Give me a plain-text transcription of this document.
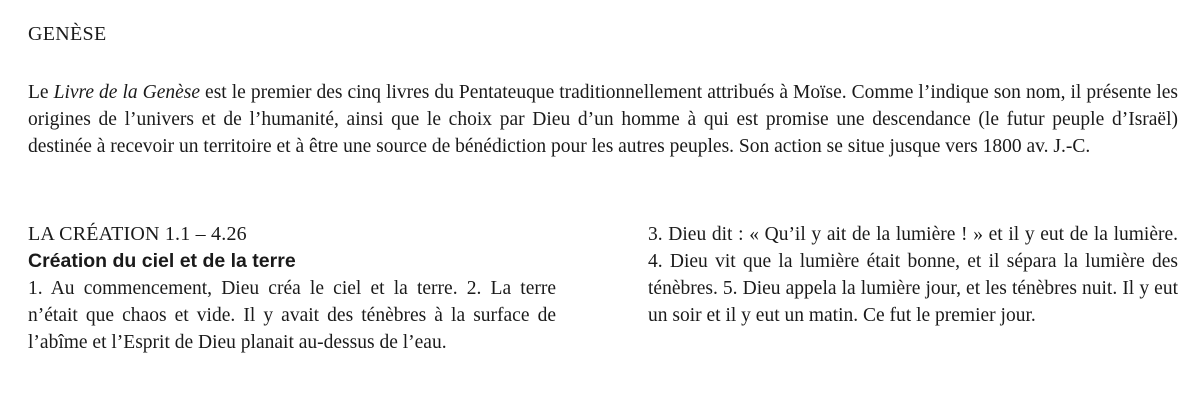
GENÈSE

Le Livre de la Genèse est le premier des cinq livres du Pentateuque traditionnellement attribués à Moïse. Comme l’indique son nom, il présente les origines de l’univers et de l’humanité, ainsi que le choix par Dieu d’un homme à qui est promise une descendance (le futur peuple d’Israël) destinée à recevoir un territoire et à être une source de bénédiction pour les autres peuples. Son action se situe jusque vers 1800 av. J.-C.

LA CRÉATION 1.1 – 4.26
Création du ciel et de la terre

1. Au commencement, Dieu créa le ciel et la terre. 2. La terre n’était que chaos et vide. Il y avait des ténèbres à la surface de l’abîme et l’Esprit de Dieu planait au-dessus de l’eau.

3. Dieu dit : « Qu’il y ait de la lumière ! » et il y eut de la lumière. 4. Dieu vit que la lumière était bonne, et il sépara la lumière des ténèbres. 5. Dieu appela la lumière jour, et les ténèbres nuit. Il y eut un soir et il y eut un matin. Ce fut le premier jour.
